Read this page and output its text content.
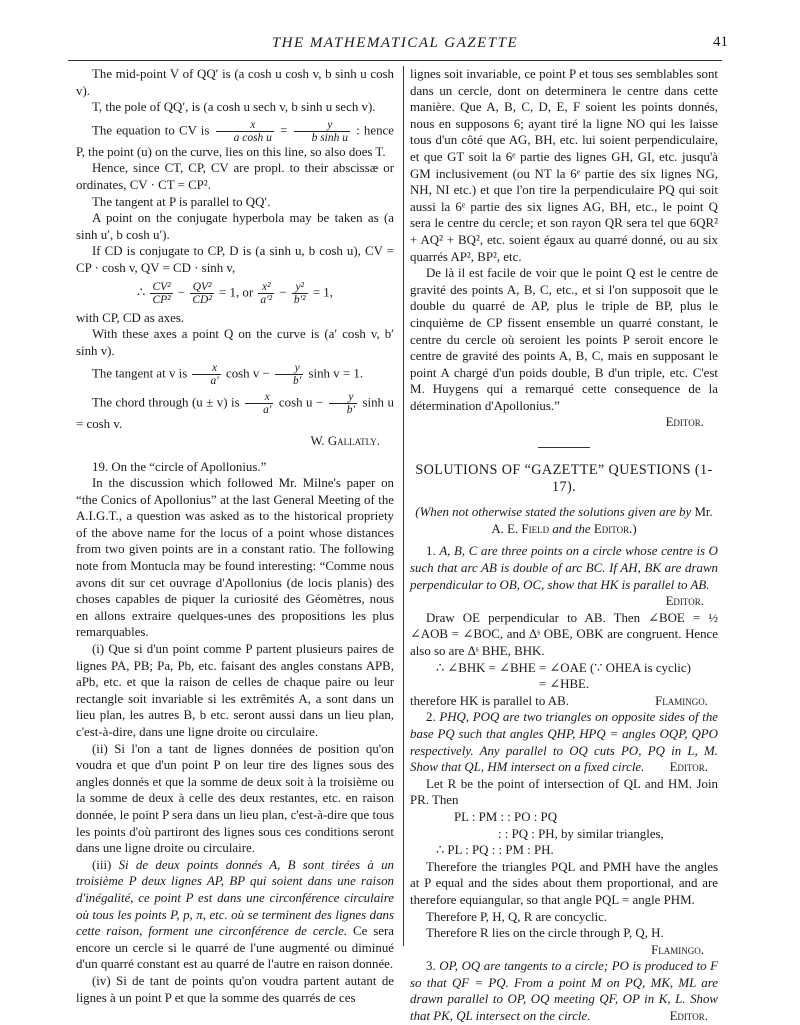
THE MATHEMATICAL GAZETTE	41

The mid-point V of QQ′ is (a cosh u cosh v, b sinh u cosh v).

T, the pole of QQ′, is (a cosh u sech v, b sinh u sech v).

The equation to CV is $\frac{x}{\text{a cosh u}} = \frac{y}{\text{b sinh u}}$ : hence P, the point (u) on the curve, lies on this line, so also does T.

Hence, since CT, CP, CV are propl. to their abscissæ or ordinates, CV · CT = CP².

The tangent at P is parallel to QQ′.

A point on the conjugate hyperbola may be taken as (a sinh u′, b cosh u′).

If CD is conjugate to CP, D is (a sinh u, b cosh u), CV = CP · cosh v, QV = CD · sinh v,

∴ $\frac{\text{CV²}}{\text{CP²}} - \frac{\text{QV²}}{\text{CD²}} = 1$, or $\frac{\text{x²}}{\text{a′²}} - \frac{\text{y²}}{\text{b′²}} = 1$,

with CP, CD as axes.

With these axes a point Q on the curve is (a′ cosh v, b′ sinh v).

The tangent at v is $\frac{x}{a'}$ $\cosh v - \frac{y}{b'}$ sinh v = 1.

The chord through (u ± v) is $\frac{x}{a'}$ $\cosh u - \frac{y}{b'}$ sinh u = cosh v.

W. Gallatly.

19. On the “circle of Apollonius.”

In the discussion which followed Mr. Milne's paper on “the Conics of Apollonius” at the last General Meeting of the A.I.G.T., a question was asked as to the historical propriety of the above name for the locus of a point whose distances from two given points are in a constant ratio. The following note from Montucla may be found interesting: “Comme nous avons dit sur cet ouvrage d'Apollonius (de locis planis) des choses capables de piquer la curiosité des Géomètres, nous en allons extraire quelques-unes des propositions les plus remarquables.

(i) Que si d'un point comme P partent plusieurs paires de lignes PA, PB; Pa, Pb, etc. faisant des angles constans APB, aPb, etc. et que la raison de celles de chaque paire ou leur rectangle soit invariable si les extrêmités A, a sont dans un lieu plan, les autres B, b etc. seront aussi dans un lieu plan, c'est-à-dire, dans une ligne droite ou circulaire.

(ii) Si l'on a tant de lignes données de position qu'on voudra et que d'un point P on leur tire des lignes sous des angles donnés et que la somme de deux soit à la troisième ou la somme de deux à celle des deux restantes, etc. en raison donnée, le point P sera dans un lieu plan, c'est-à-dire que tous les points d'où partiront des lignes sous ces conditions seront dans une ligne droite ou circulaire.

(iii) Si de deux points donnés A, B sont tirées à un troisième P deux lignes AP, BP qui soient dans une raison d'inégalité, ce point P est dans une circonférence circulaire où tous les points P, p, π, etc. où se terminent des lignes dans cette raison, forment une circonférence de cercle. Ce sera encore un cercle si le quarré de l'une augmenté ou diminué d'un quarré constant est au quarré de l'autre en raison donnée.

(iv) Si de tant de points qu'on voudra partent autant de lignes à un point P et que la somme des quarrés de ces

lignes soit invariable, ce point P et tous ses semblables sont dans un cercle, dont on determinera le centre dans cette manière. Que A, B, C, D, E, F soient les points donnés, nous en supposons 6; ayant tiré la ligne NO qui les laisse tous d'un côté que AG, BH, etc. lui soient perpendiculaire, et que GT soit la 6ᵉ partie des lignes GH, GI, etc. jusqu'à GM inclusivement (ou NT la 6ᵉ partie des six lignes NG, NH, NI etc.) et que l'on tire la perpendiculaire PQ qui soit aussi la 6ᵉ partie des six lignes AG, BH, etc., le point Q sera le centre du cercle; et son rayon QR sera tel que 6QR² + AQ² + BQ², etc. soient égaux au quarré donné, ou au six quarrés AP², BP², etc.

De là il est facile de voir que le point Q est le centre de gravité des points A, B, C, etc., et si l'on supposoit que le double du quarré de AP, plus le triple de BP, plus le cinquième de CP fissent ensemble un quarré constant, le centre du cercle où seroient les points P seroit encore le centre de gravité des points A, B, C, mais en supposant le point A chargé d'un poids double, B d'un triple, etc. C'est M. Huygens qui a remarqué cette consequence de la détermination d'Apollonius.”

Editor.

SOLUTIONS OF “GAZETTE” QUESTIONS (1-17).

(When not otherwise stated the solutions given are by Mr.
A. E. Field and the Editor.)

1. A, B, C are three points on a circle whose centre is O such that arc AB is double of arc BC. If AH, BK are drawn perpendicular to OB, OC, show that HK is parallel to AB.

Editor.

Draw OE perpendicular to AB. Then ∠BOE = ½ ∠AOB = ∠BOC, and Δˢ OBE, OBK are congruent. Hence also so are Δˢ BHE, BHK.

∴ ∠BHK = ∠BHE = ∠OAE (∵ OHEA is cyclic)

= ∠HBE.

therefore HK is parallel to AB.	Flamingo.

2. PHQ, POQ are two triangles on opposite sides of the base PQ such that angles QHP, HPQ = angles OQP, QPO respectively. Any parallel to OQ cuts PO, PQ in L, M. Show that QL, HM intersect on a fixed circle.	Editor.

Let R be the point of intersection of QL and HM. Join PR. Then

PL : PM : : PO : PQ

: : PQ : PH, by similar triangles,

∴ PL : PQ : : PM : PH.

Therefore the triangles PQL and PMH have the angles at P equal and the sides about them proportional, and are therefore equiangular, so that angle PQL = angle PHM.

Therefore P, H, Q, R are concyclic.

Therefore R lies on the circle through P, Q, H.

Flamingo.

3. OP, OQ are tangents to a circle; PO is produced to F so that QF = PQ. From a point M on PQ, MK, ML are drawn parallel to OP, OQ meeting QF, OP in K, L. Show that PK, QL intersect on the circle.	Editor.
